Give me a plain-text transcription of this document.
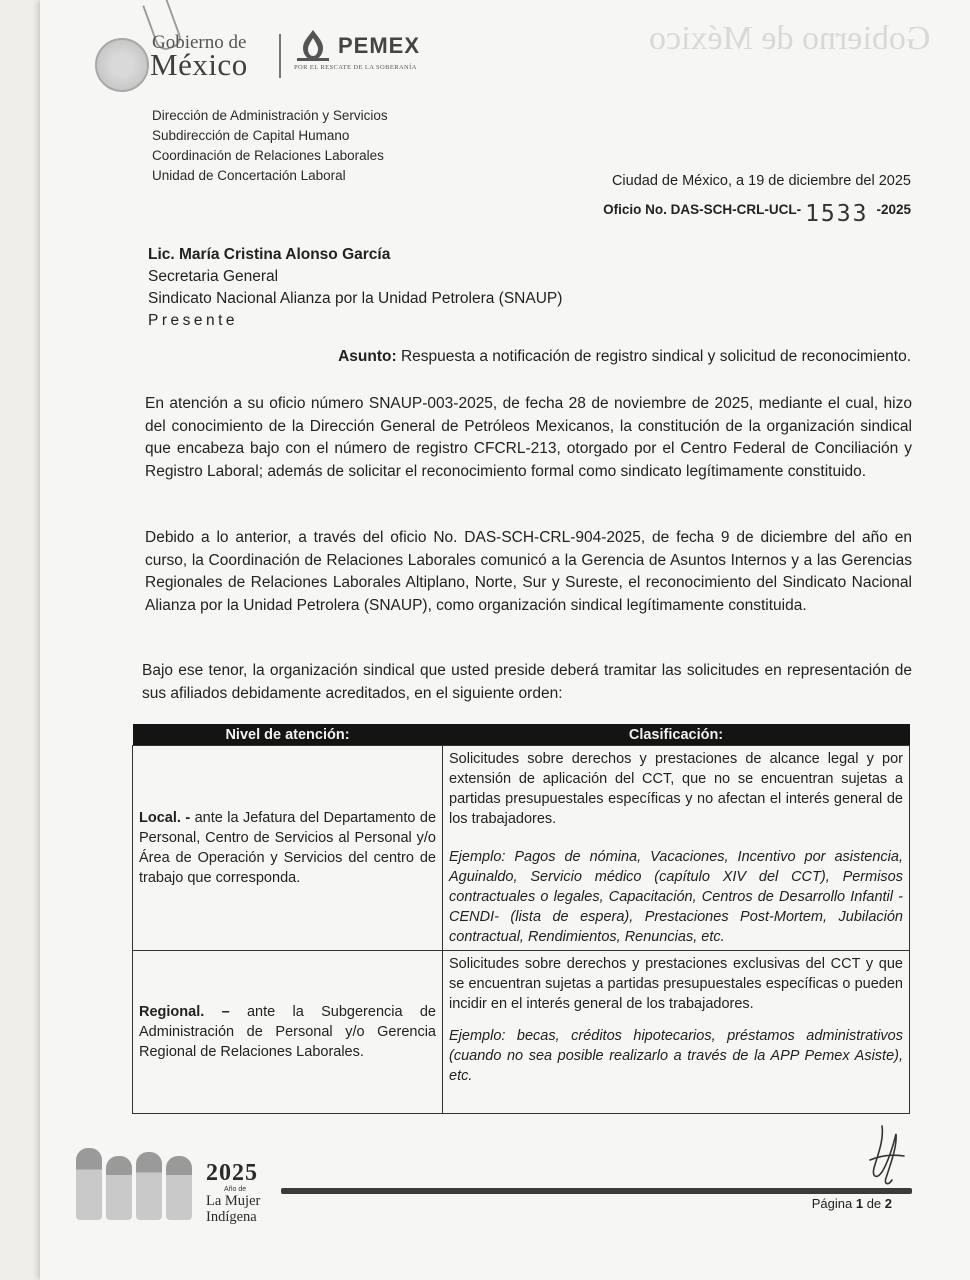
Gobierno de
México
PEMEX
POR EL RESCATE DE LA SOBERANÍA
Gobierno de México
Dirección de Administración y Servicios
Subdirección de Capital Humano
Coordinación de Relaciones Laborales
Unidad de Concertación Laboral	Ciudad de México, a 19 de diciembre del 2025
Oficio No. DAS-SCH-CRL-UCL- 1533 -2025
Lic. María Cristina Alonso García
Secretaria General
Sindicato Nacional Alianza por la Unidad Petrolera (SNAUP)
Presente
Asunto: Respuesta a notificación de registro sindical y solicitud de reconocimiento.
En atención a su oficio número SNAUP-003-2025, de fecha 28 de noviembre de 2025, mediante el cual, hizo del conocimiento de la Dirección General de Petróleos Mexicanos, la constitución de la organización sindical que encabeza bajo con el número de registro CFCRL-213, otorgado por el Centro Federal de Conciliación y Registro Laboral; además de solicitar el reconocimiento formal como sindicato legítimamente constituido.
Debido a lo anterior, a través del oficio No. DAS-SCH-CRL-904-2025, de fecha 9 de diciembre del año en curso, la Coordinación de Relaciones Laborales comunicó a la Gerencia de Asuntos Internos y a las Gerencias Regionales de Relaciones Laborales Altiplano, Norte, Sur y Sureste, el reconocimiento del Sindicato Nacional Alianza por la Unidad Petrolera (SNAUP), como organización sindical legítimamente constituida.
Bajo ese tenor, la organización sindical que usted preside deberá tramitar las solicitudes en representación de sus afiliados debidamente acreditados, en el siguiente orden:
Nivel de atención:	Clasificación:
Local. - ante la Jefatura del Departamento de Personal, Centro de Servicios al Personal y/o Área de Operación y Servicios del centro de trabajo que corresponda.	Solicitudes sobre derechos y prestaciones de alcance legal y por extensión de aplicación del CCT, que no se encuentran sujetas a partidas presupuestales específicas y no afectan el interés general de los trabajadores.
Ejemplo: Pagos de nómina, Vacaciones, Incentivo por asistencia, Aguinaldo, Servicio médico (capítulo XIV del CCT), Permisos contractuales o legales, Capacitación, Centros de Desarrollo Infantil -CENDI- (lista de espera), Prestaciones Post-Mortem, Jubilación contractual, Rendimientos, Renuncias, etc.

Regional. – ante la Subgerencia de Administración de Personal y/o Gerencia Regional de Relaciones Laborales.	Solicitudes sobre derechos y prestaciones exclusivas del CCT y que se encuentran sujetas a partidas presupuestales específicas o pueden incidir en el interés general de los trabajadores.
Ejemplo: becas, créditos hipotecarios, préstamos administrativos (cuando no sea posible realizarlo a través de la APP Pemex Asiste), etc.
2025
Año de
La Mujer
Indígena
Página 1 de 2
